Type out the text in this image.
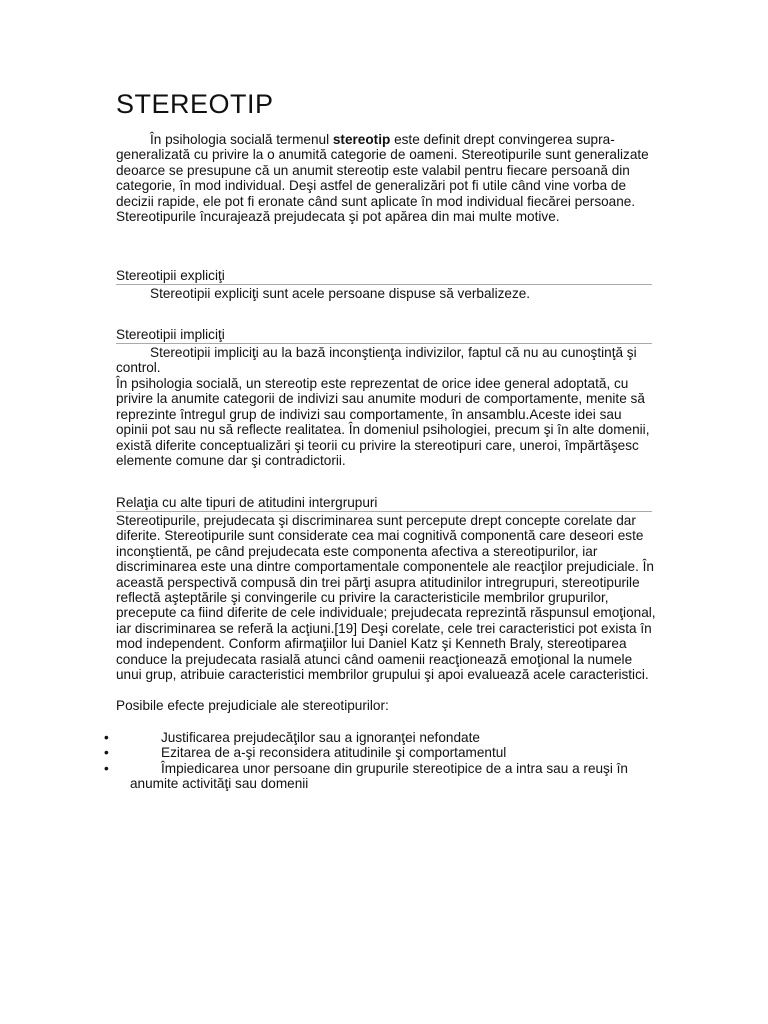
STEREOTIP

În psihologia socială termenul stereotip este definit drept convingerea supra-generalizată cu privire la o anumită categorie de oameni. Stereotipurile sunt generalizate deoarce se presupune că un anumit stereotip este valabil pentru fiecare persoană din categorie, în mod individual. Deşi astfel de generalizări pot fi utile când vine vorba de decizii rapide, ele pot fi eronate când sunt aplicate în mod individual fiecărei persoane. Stereotipurile încurajează prejudecata şi pot apărea din mai multe motive.

Stereotipii expliciţi

Stereotipii expliciţi sunt acele persoane dispuse să verbalizeze.

Stereotipii impliciţi

Stereotipii impliciţi au la bază inconştienţa indivizilor, faptul că nu au cunoştinţă şi control.

În psihologia socială, un stereotip este reprezentat de orice idee general adoptată, cu privire la anumite categorii de indivizi sau anumite moduri de comportamente, menite să reprezinte întregul grup de indivizi sau comportamente, în ansamblu.Aceste idei sau opinii pot sau nu să reflecte realitatea. În domeniul psihologiei, precum şi în alte domenii, există diferite conceptualizări şi teorii cu privire la stereotipuri care, uneroi, împărtăşesc elemente comune dar şi contradictorii.

Relaţia cu alte tipuri de atitudini intergrupuri

Stereotipurile, prejudecata şi discriminarea sunt percepute drept concepte corelate dar diferite. Stereotipurile sunt considerate cea mai cognitivă componentă care deseori este inconştientă, pe când prejudecata este componenta afectiva a stereotipurilor, iar discriminarea este una dintre comportamentale componentele ale reacţilor prejudiciale. În această perspectivă compusă din trei părţi asupra atitudinilor intregrupuri, stereotipurile reflectă aşteptările şi convingerile cu privire la caracteristicile membrilor grupurilor, precepute ca fiind diferite de cele individuale; prejudecata reprezintă răspunsul emoţional, iar discriminarea se referă la acţiuni.[19] Deşi corelate, cele trei caracteristici pot exista în mod independent. Conform afirmaţiilor lui Daniel Katz şi Kenneth Braly, stereotiparea conduce la prejudecata rasială atunci când oamenii reacţionează emoţional la numele unui grup, atribuie caracteristici membrilor grupului şi apoi evaluează acele caracteristici.

Posibile efecte prejudiciale ale stereotipurilor:

•	Justificarea prejudecăţilor sau a ignoranţei nefondate
•	Ezitarea de a-şi reconsidera atitudinile şi comportamentul
•	Împiedicarea unor persoane din grupurile stereotipice de a intra sau a reuşi în anumite activităţi sau domenii
